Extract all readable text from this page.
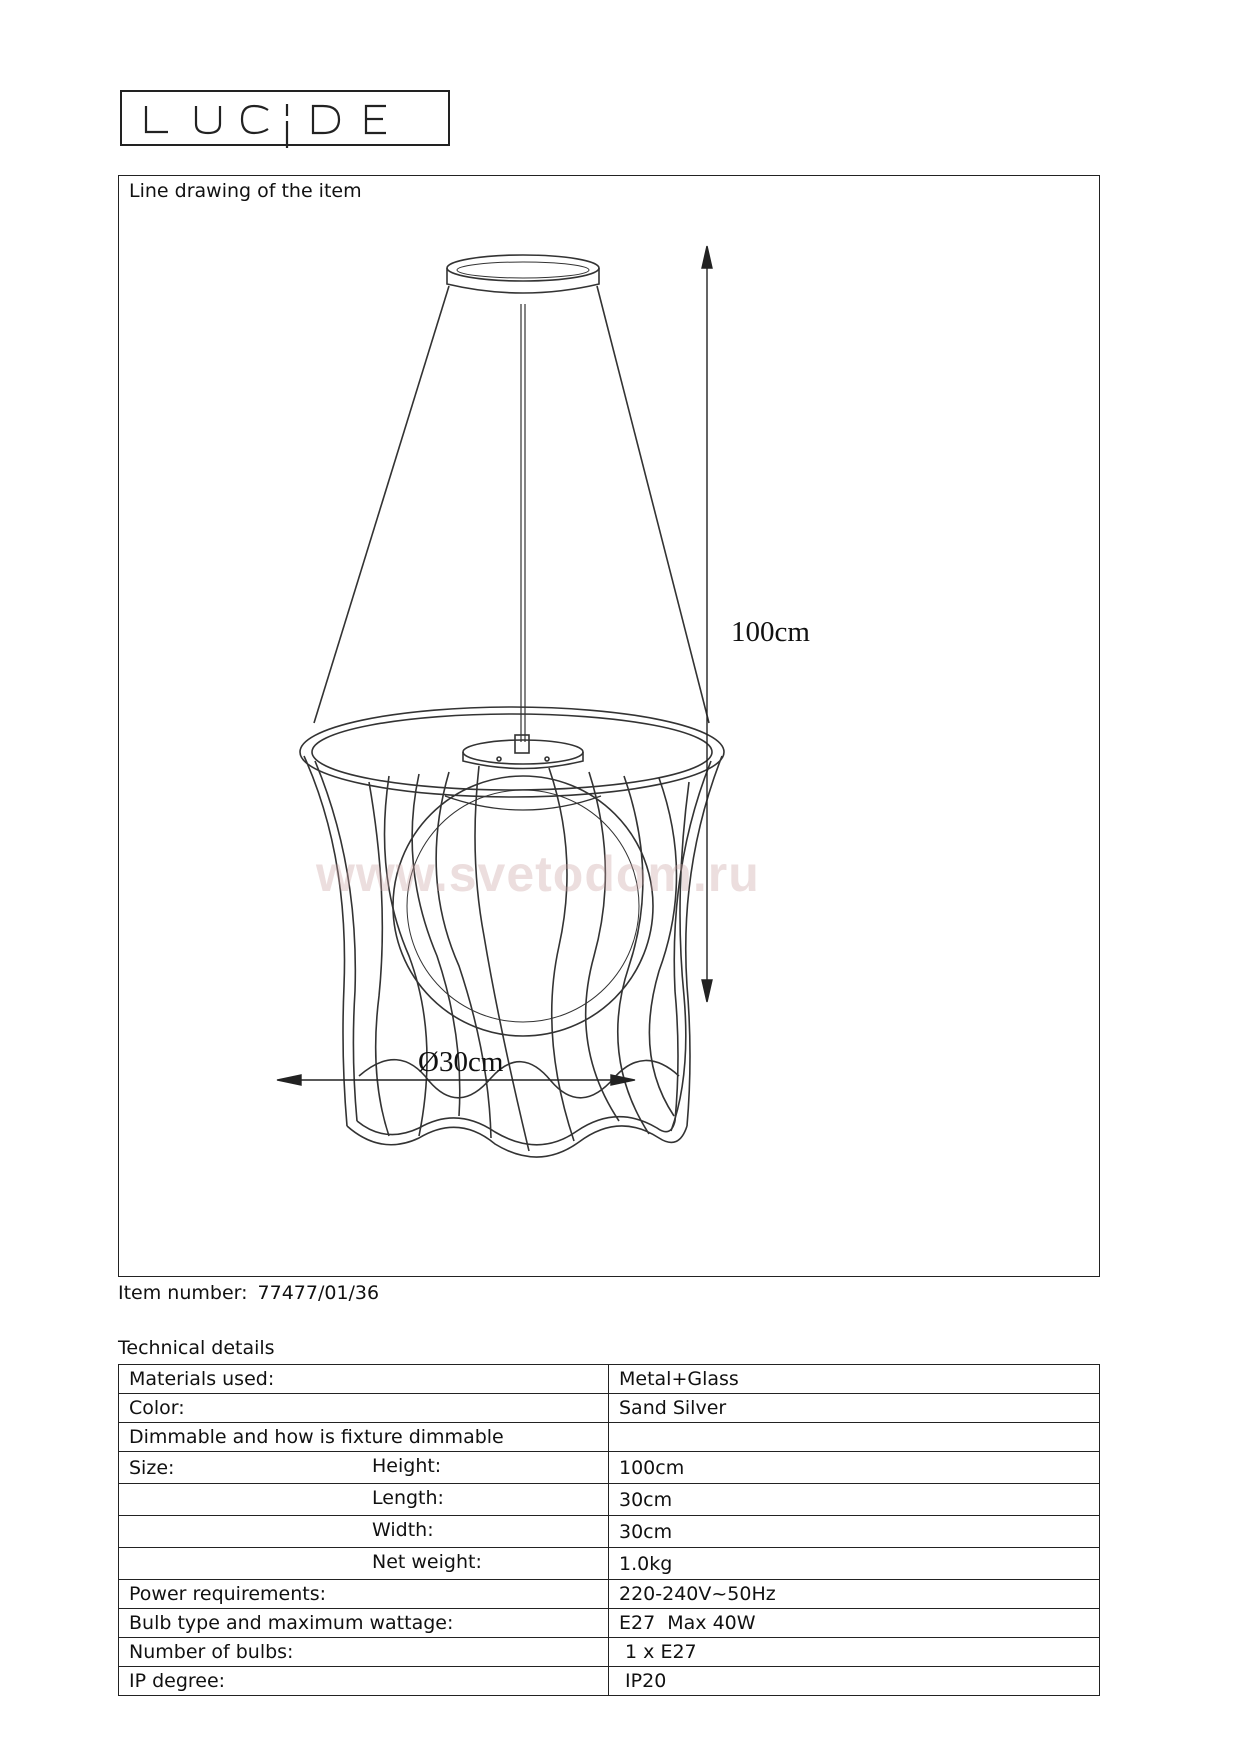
Line drawing of the item
100cm
Ø30cm
www.svetodom.ru
Item number: 77477/01/36
Technical details
Materials used:	Metal+Glass
Color:	Sand Silver
Dimmable and how is fixture dimmable

Size: Height:	100cm

Length:	30cm

Width:	30cm

Net weight:	1.0kg
Power requirements:	220-240V~50Hz
Bulb type and maximum wattage:	E27  Max 40W
Number of bulbs:	1 x E27
IP degree:	IP20
